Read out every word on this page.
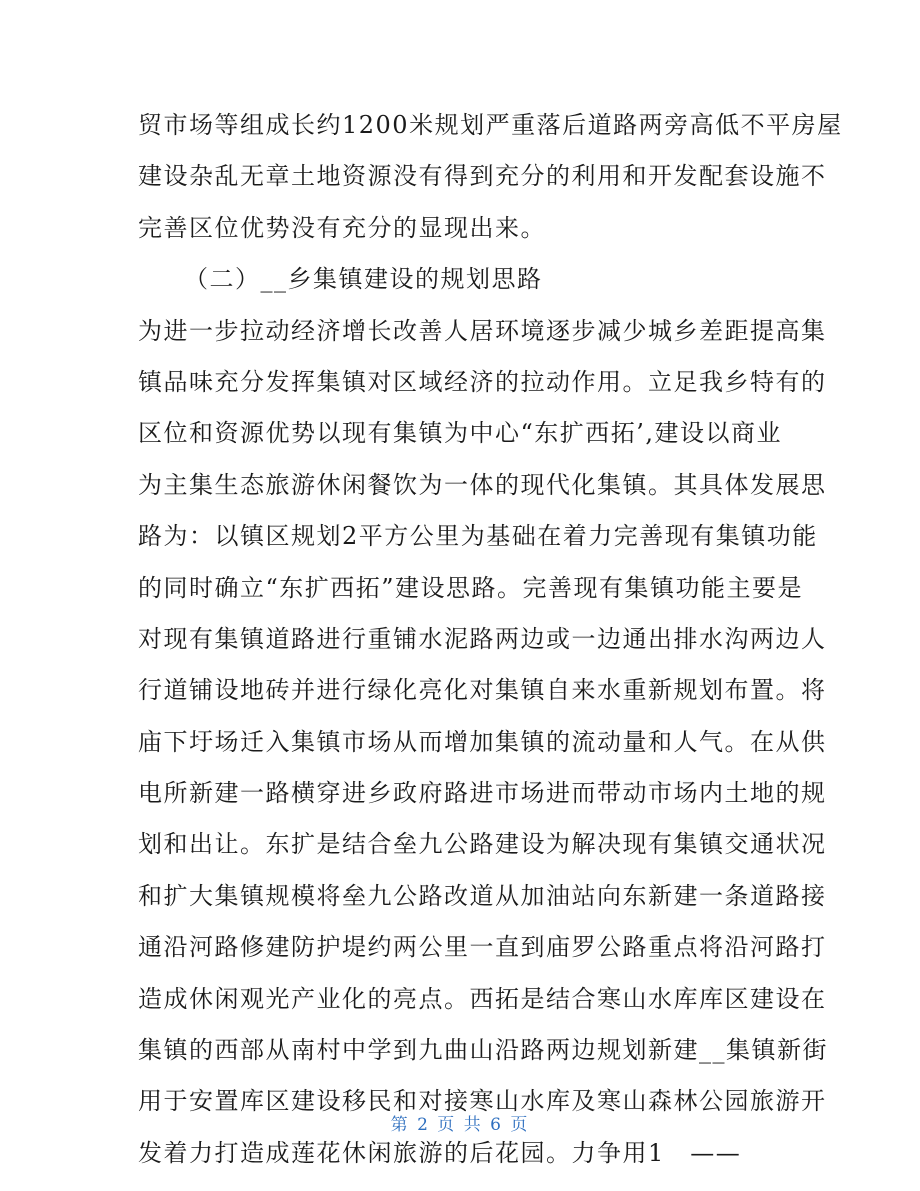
贸市场等组成长约1200米规划严重落后道路两旁高低不平房屋
建设杂乱无章土地资源没有得到充分的利用和开发配套设施不
完善区位优势没有充分的显现出来。
（二）__乡集镇建设的规划思路
为进一步拉动经济增长改善人居环境逐步减少城乡差距提高集
镇品味充分发挥集镇对区域经济的拉动作用。立足我乡特有的
区位和资源优势以现有集镇为中心“东扩西拓’,建设以商业
为主集生态旅游休闲餐饮为一体的现代化集镇。其具体发展思
路为：以镇区规划2平方公里为基础在着力完善现有集镇功能
的同时确立“东扩西拓”建设思路。完善现有集镇功能主要是
对现有集镇道路进行重铺水泥路两边或一边通出排水沟两边人
行道铺设地砖并进行绿化亮化对集镇自来水重新规划布置。将
庙下圩场迁入集镇市场从而增加集镇的流动量和人气。在从供
电所新建一路横穿进乡政府路进市场进而带动市场内土地的规
划和出让。东扩是结合垒九公路建设为解决现有集镇交通状况
和扩大集镇规模将垒九公路改道从加油站向东新建一条道路接
通沿河路修建防护堤约两公里一直到庙罗公路重点将沿河路打
造成休闲观光产业化的亮点。西拓是结合寒山水库库区建设在
集镇的西部从南村中学到九曲山沿路两边规划新建__集镇新街
用于安置库区建设移民和对接寒山水库及寒山森林公园旅游开
发着力打造成莲花休闲旅游的后花园。力争用1　——
第 2 页 共 6 页
